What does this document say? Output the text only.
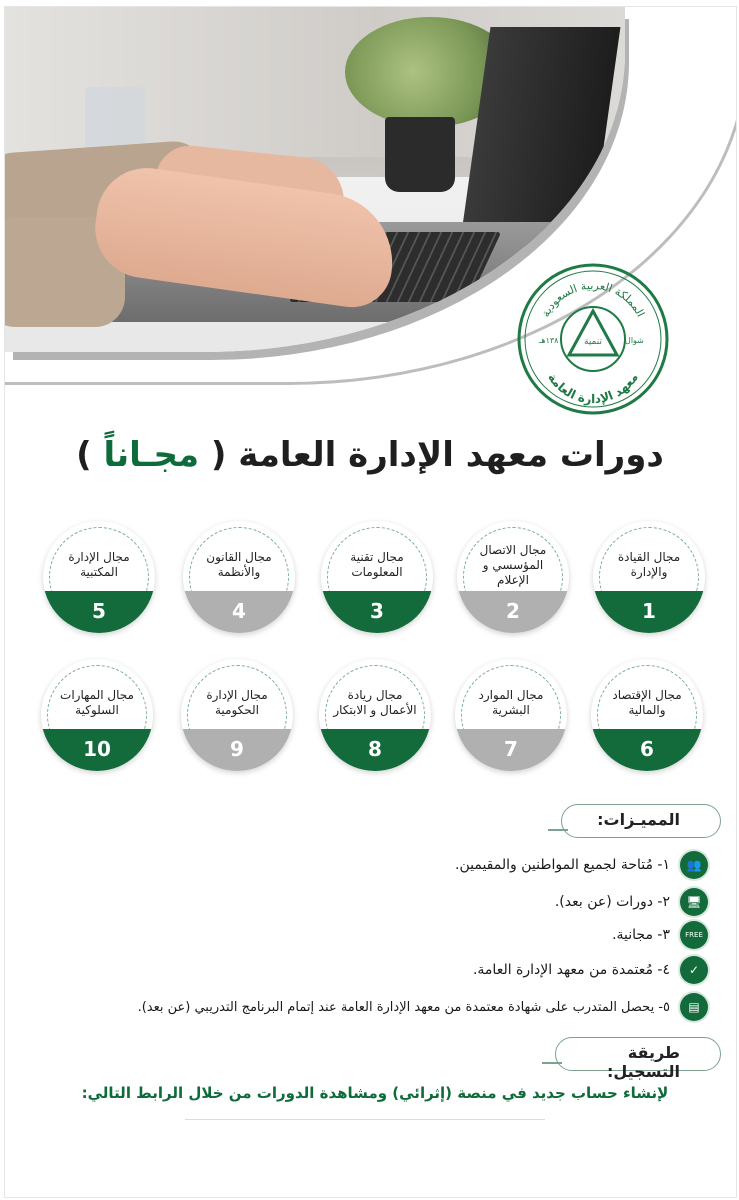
المملكة العربية السعودية
معهد الإدارة العامة
١٣٨٠هـ	شوال
تنمية
دورات معهد الإدارة العامة ( مجـاناً )
مجال القيادة والإدارة
1
مجال الاتصال المؤسسي و الإعلام
2
مجال تقنية المعلومات
3
مجال القانون والأنظمة
4
مجال الإدارة المكتبية
5
مجال الإقتصاد والمالية
6
مجال الموارد البشرية
7
مجال ريادة الأعمال و الابتكار
8
مجال الإدارة الحكومية
9
مجال المهارات السلوكية
10
المميـزات:
👥
١- مُتاحة لجميع المواطنين والمقيمين.
🖥
٢- دورات (عن بعد).
FREE
٣- مجانية.
✓
٤- مُعتمدة من معهد الإدارة العامة.
▤
٥- يحصل المتدرب على شهادة معتمدة من معهد الإدارة العامة عند إتمام البرنامج التدريبي (عن بعد).
طريقة التسجيل:
لإنشاء حساب جديد في منصة (إثرائي) ومشاهدة الدورات من خلال الرابط التالي:
